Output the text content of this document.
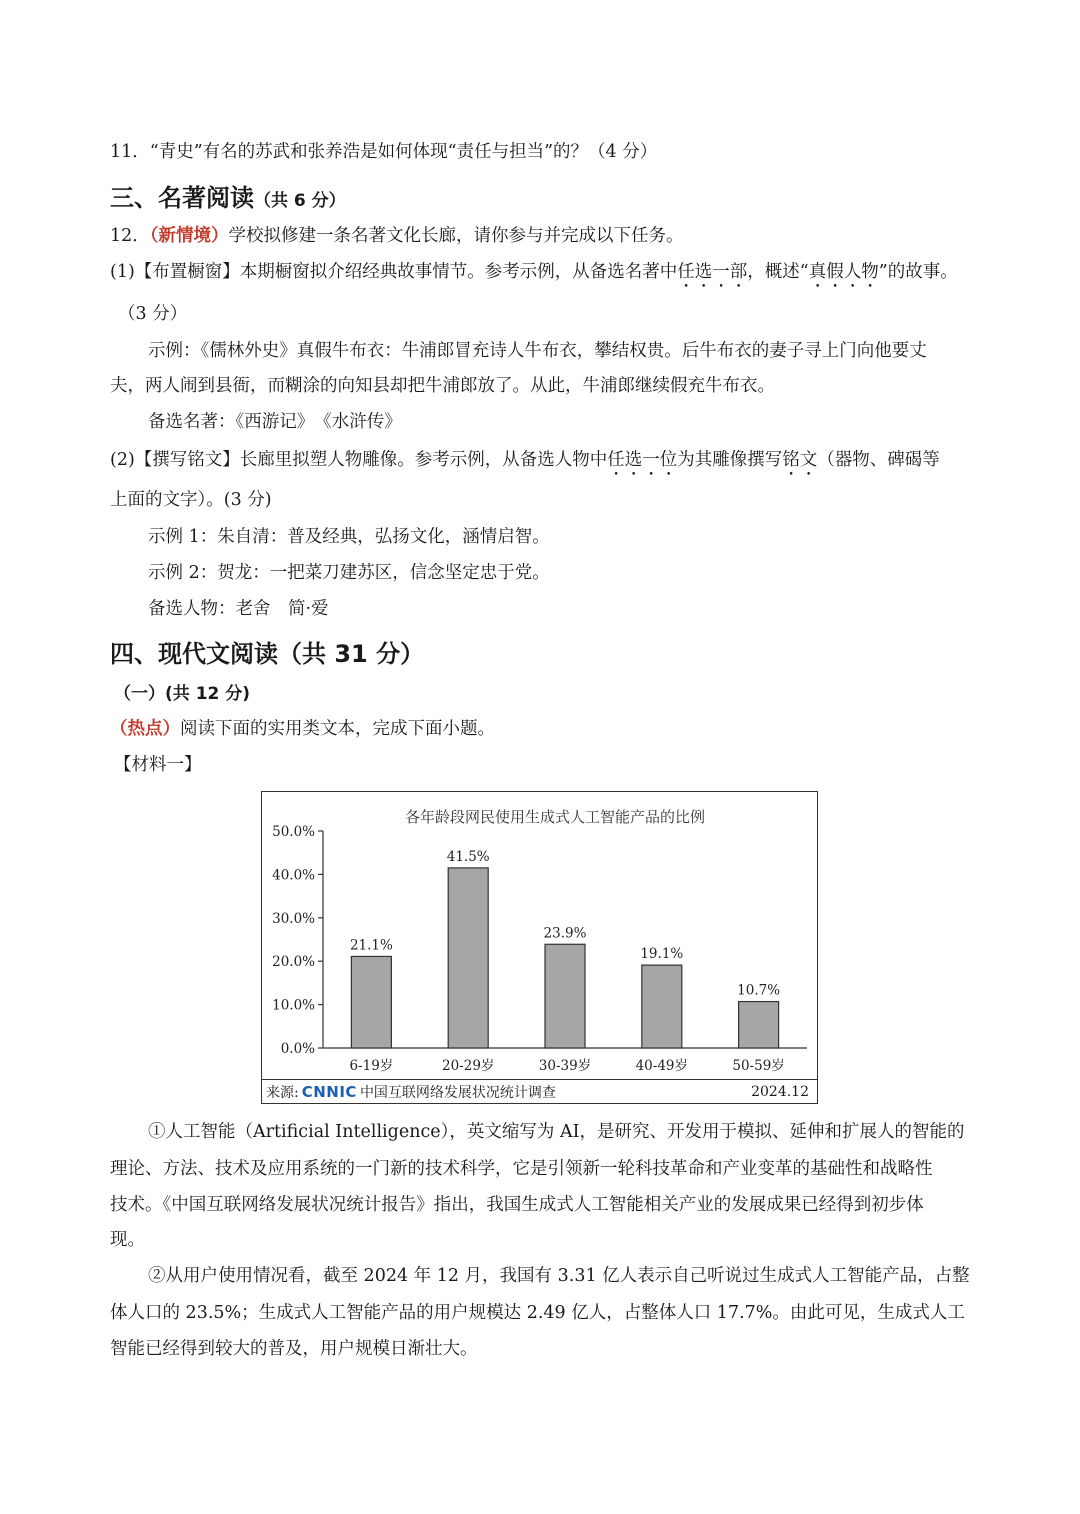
11．“青史”有名的苏武和张养浩是如何体现“责任与担当”的？（4 分）
三、名著阅读（共 6 分）
12．（新情境）学校拟修建一条名著文化长廊，请你参与并完成以下任务。
(1)【布置橱窗】本期橱窗拟介绍经典故事情节。参考示例，从备选名著中任选一部，概述“真假人物”的故事。
（3 分）
示例：《儒林外史》真假牛布衣：牛浦郎冒充诗人牛布衣，攀结权贵。后牛布衣的妻子寻上门向他要丈
夫，两人闹到县衙，而糊涂的向知县却把牛浦郎放了。从此，牛浦郎继续假充牛布衣。
备选名著：《西游记》　《水浒传》
(2)【撰写铭文】长廊里拟塑人物雕像。参考示例，从备选人物中任选一位为其雕像撰写铭文（器物、碑碣等
上面的文字）。(3 分)
示例 1：朱自清：普及经典，弘扬文化，涵情启智。
示例 2：贺龙：一把菜刀建苏区，信念坚定忠于党。
备选人物：老舍　简·爱
四、现代文阅读（共 31 分）
（一）(共 12 分)
（热点）阅读下面的实用类文本，完成下面小题。
【材料一】
①人工智能（Artificial Intelligence），英文缩写为 AI，是研究、开发用于模拟、延伸和扩展人的智能的
理论、方法、技术及应用系统的一门新的技术科学，它是引领新一轮科技革命和产业变革的基础性和战略性
技术。《中国互联网络发展状况统计报告》指出，我国生成式人工智能相关产业的发展成果已经得到初步体
现。
②从用户使用情况看，截至 2024 年 12 月，我国有 3.31 亿人表示自己听说过生成式人工智能产品，占整
体人口的 23.5%；生成式人工智能产品的用户规模达 2.49 亿人，占整体人口 17.7%。由此可见，生成式人工
智能已经得到较大的普及，用户规模日渐壮大。
各年龄段网民使用生成式人工智能产品的比例
0.0%
10.0%
20.0%
30.0%
40.0%
50.0%
21.1%
6-19岁
41.5%
20-29岁
23.9%
30-39岁
19.1%
40-49岁
10.7%
50-59岁
来源: CNNIC 中国互联网络发展状况统计调查	2024.12
